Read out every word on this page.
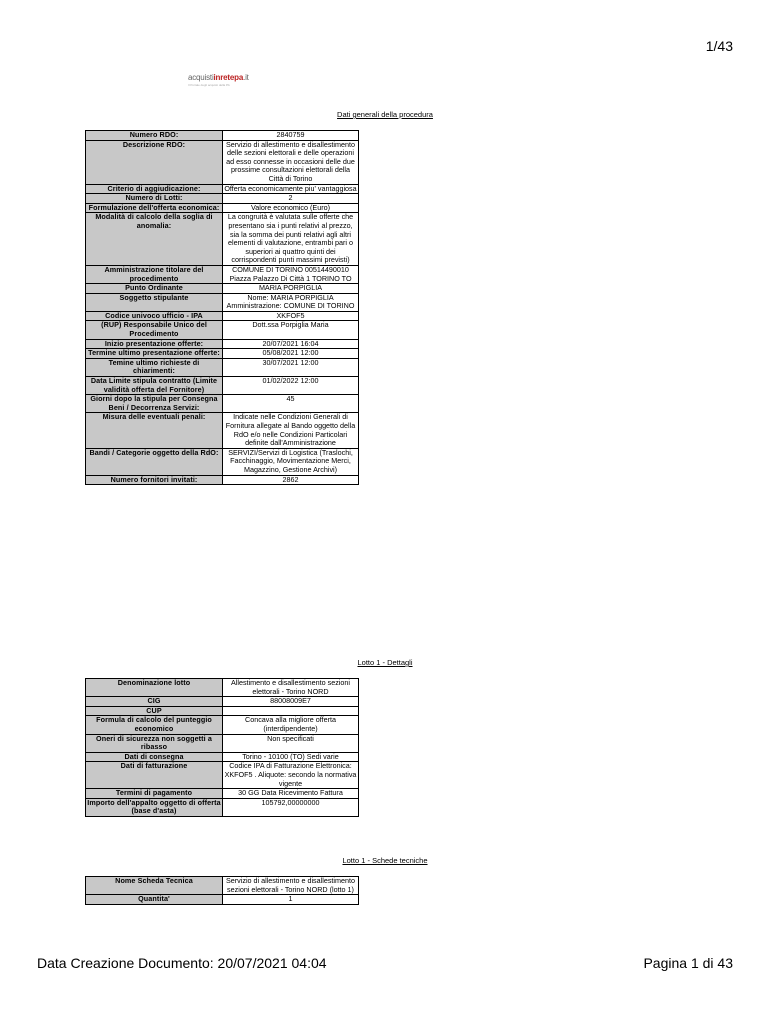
1/43
acquistiinretepa.it
Il Portale degli acquisti della PA
Dati generali della procedura
Numero RDO:	2840759
Descrizione RDO:	Servizio di allestimento e disallestimento delle sezioni elettorali e delle operazioni ad esso connesse in occasioni delle due prossime consultazioni elettorali della Città di Torino
Criterio di aggiudicazione:	Offerta economicamente piu' vantaggiosa
Numero di Lotti:	2
Formulazione dell'offerta economica:	Valore economico (Euro)
Modalità di calcolo della soglia di anomalia:	La congruità è valutata sulle offerte che presentano sia i punti relativi al prezzo, sia la somma dei punti relativi agli altri elementi di valutazione, entrambi pari o superiori ai quattro quinti dei corrispondenti punti massimi previsti)
Amministrazione titolare del procedimento	COMUNE DI TORINO 00514490010 Piazza Palazzo Di Città 1 TORINO TO
Punto Ordinante	MARIA PORPIGLIA
Soggetto stipulante	Nome: MARIA PORPIGLIA Amministrazione: COMUNE DI TORINO
Codice univoco ufficio - IPA	XKFOF5
(RUP) Responsabile Unico del Procedimento	Dott.ssa Porpiglia Maria
Inizio presentazione offerte:	20/07/2021 16:04
Termine ultimo presentazione offerte:	05/08/2021 12:00
Temine ultimo richieste di chiarimenti:	30/07/2021 12:00
Data Limite stipula contratto (Limite validità offerta del Fornitore)	01/02/2022 12:00
Giorni dopo la stipula per Consegna Beni / Decorrenza Servizi:	45
Misura delle eventuali penali:	Indicate nelle Condizioni Generali di Fornitura allegate al Bando oggetto della RdO e/o nelle Condizioni Particolari definite dall'Amministrazione
Bandi / Categorie oggetto della RdO:	SERVIZI/Servizi di Logistica (Traslochi, Facchinaggio, Movimentazione Merci, Magazzino, Gestione Archivi)
Numero fornitori invitati:	2862
Lotto 1 - Dettagli
Denominazione lotto	Allestimento e disallestimento sezioni elettorali - Torino NORD
CIG	88008009E7
CUP	
Formula di calcolo del punteggio economico	Concava alla migliore offerta (interdipendente)
Oneri di sicurezza non soggetti a ribasso	Non specificati
Dati di consegna	Torino - 10100 (TO) Sedi varie
Dati di fatturazione	Codice IPA di Fatturazione Elettronica: XKFOF5 . Aliquote: secondo la normativa vigente
Termini di pagamento	30 GG Data Ricevimento Fattura
Importo dell'appalto oggetto di offerta (base d'asta)	105792,00000000
Lotto 1 - Schede tecniche
Nome Scheda Tecnica	Servizio di allestimento e disallestimento sezioni elettorali - Torino NORD (lotto 1)
Quantita'	1
Data Creazione Documento: 20/07/2021 04:04	Pagina 1 di 43
